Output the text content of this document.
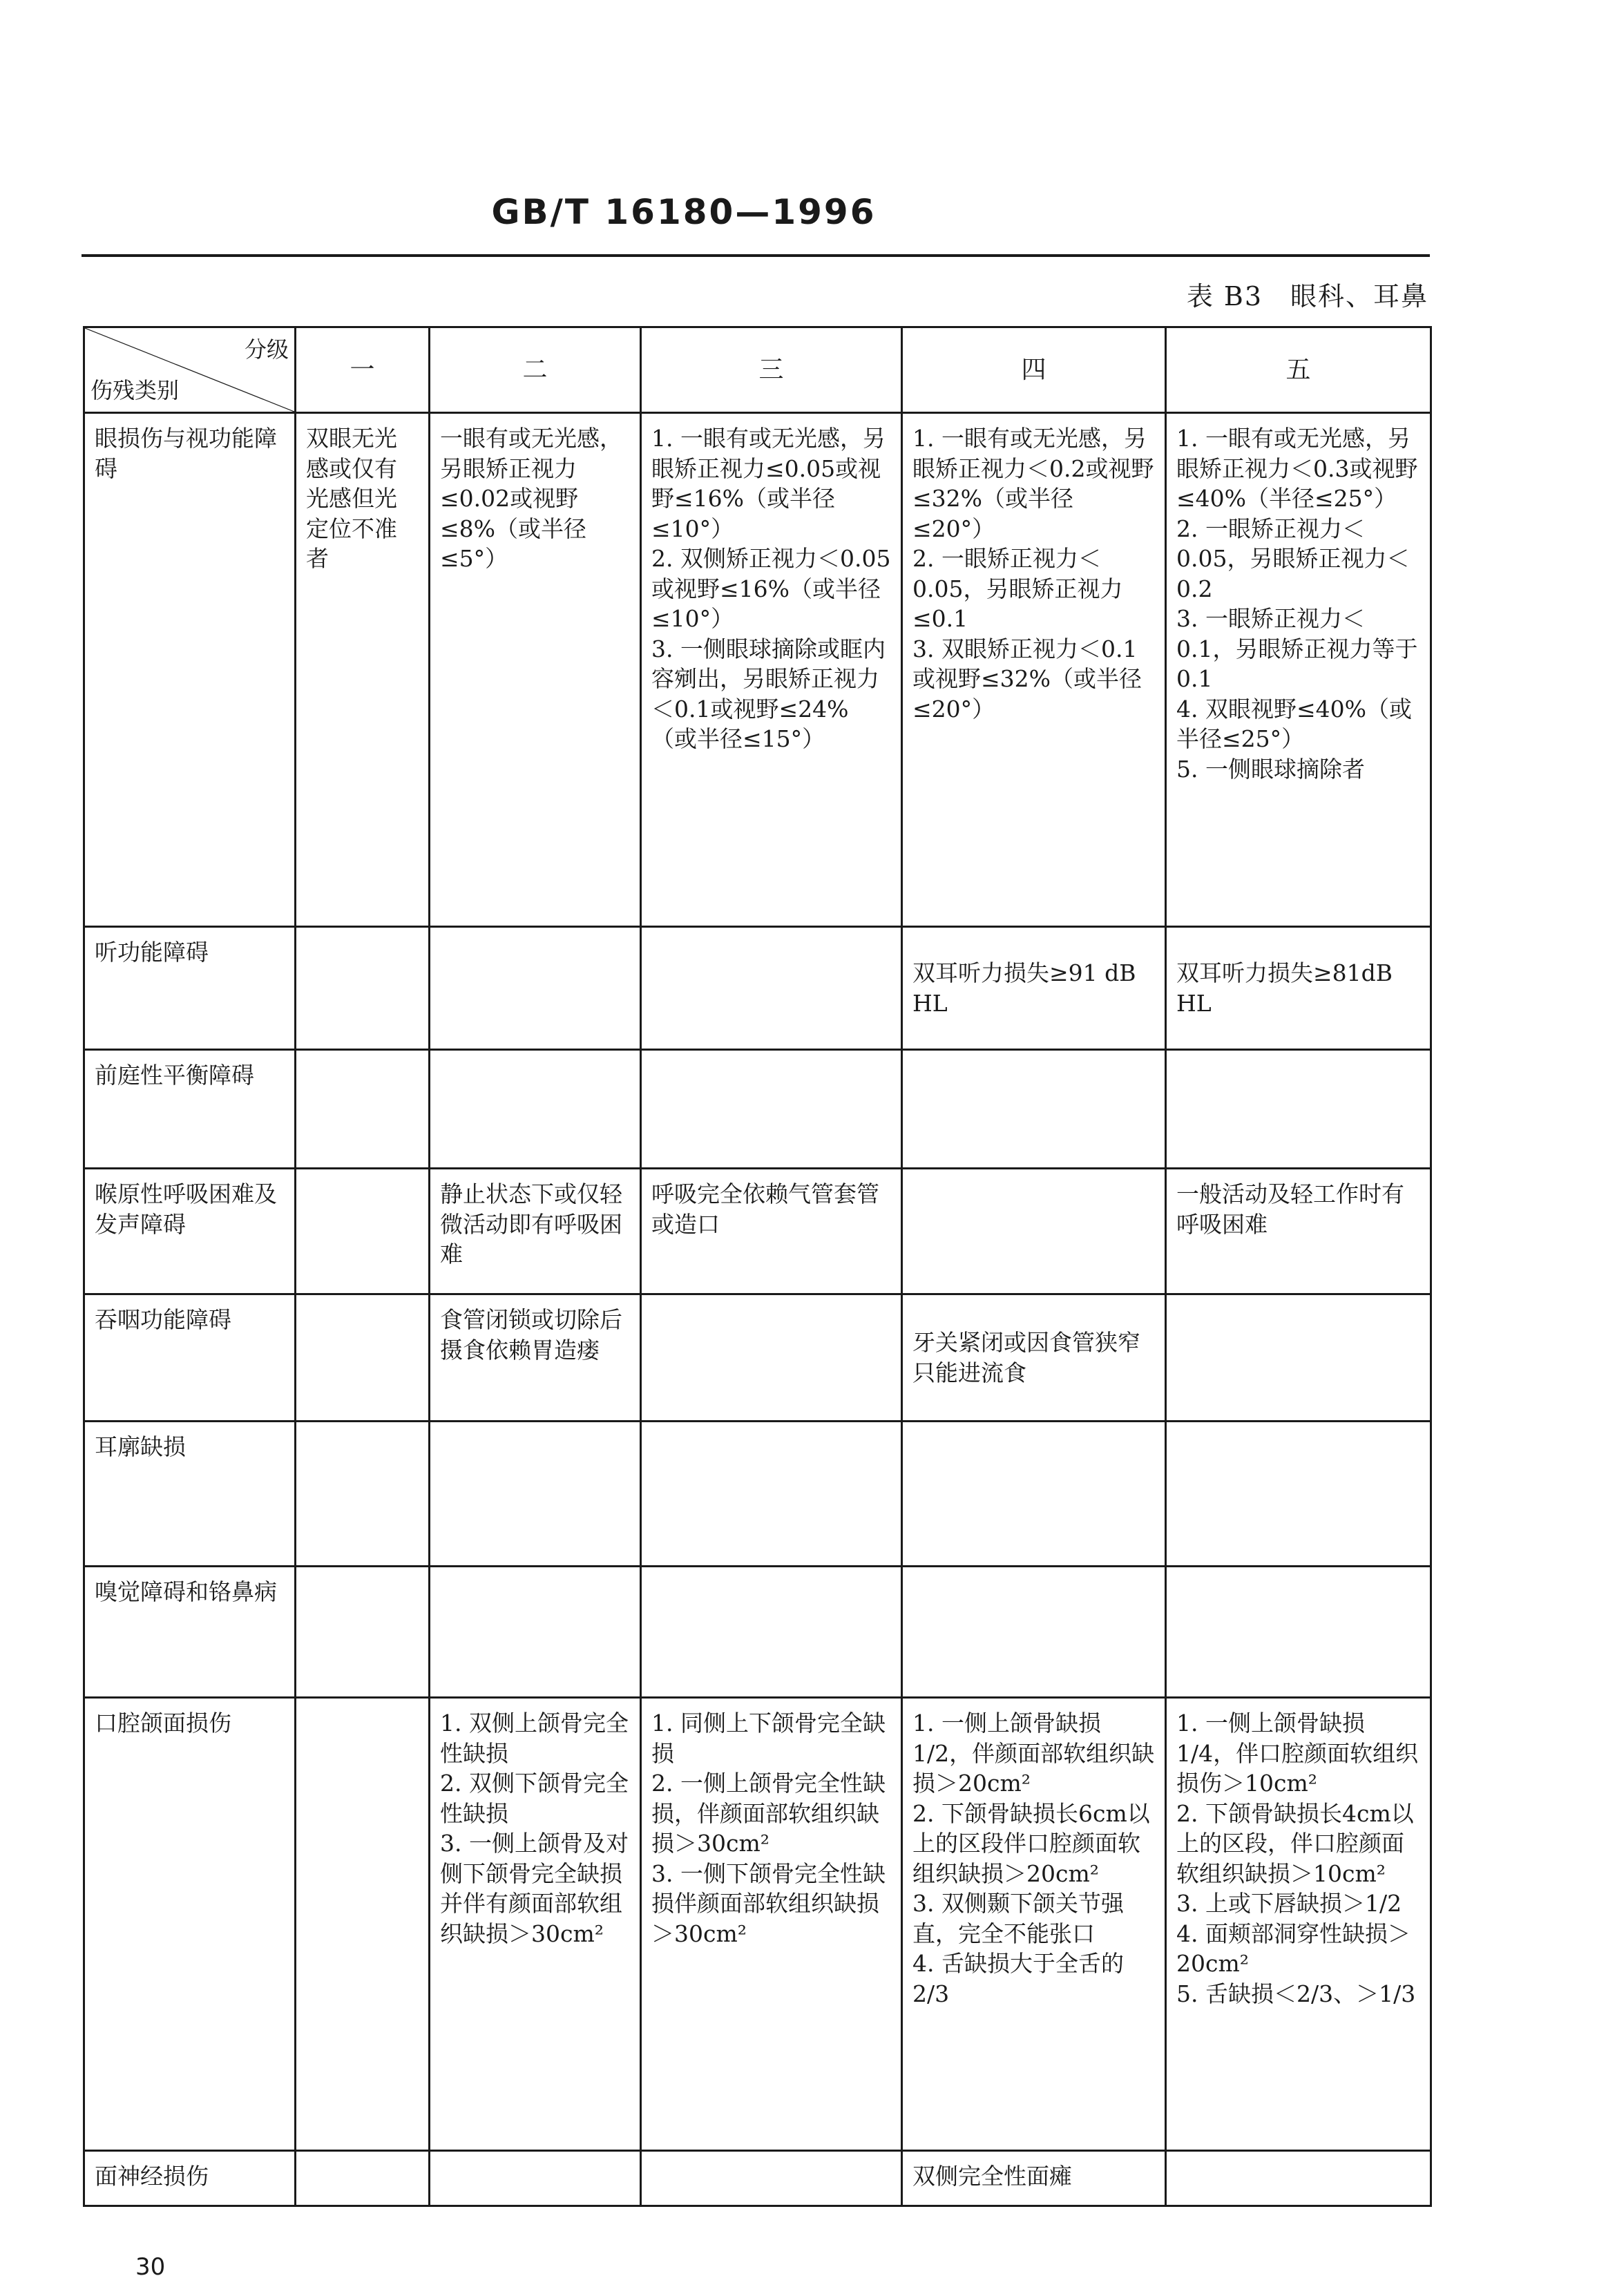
GB/T 16180—1996
表 B3　眼科、耳鼻
分级
伤残类别	一	二	三	四	五
眼损伤与视功能障碍	双眼无光感或仅有光感但光定位不准者	一眼有或无光感，另眼矫正视力≤0.02或视野≤8%（或半径≤5°）	1. 一眼有或无光感，另眼矫正视力≤0.05或视野≤16%（或半径≤10°）
2. 双侧矫正视力＜0.05或视野≤16%（或半径≤10°）
3. 一侧眼球摘除或眶内容剜出，另眼矫正视力＜0.1或视野≤24%（或半径≤15°）	1. 一眼有或无光感，另眼矫正视力＜0.2或视野≤32%（或半径≤20°）
2. 一眼矫正视力＜0.05，另眼矫正视力≤0.1
3. 双眼矫正视力＜0.1或视野≤32%（或半径≤20°）	1. 一眼有或无光感，另眼矫正视力＜0.3或视野≤40%（半径≤25°）
2. 一眼矫正视力＜0.05，另眼矫正视力＜0.2
3. 一眼矫正视力＜0.1，另眼矫正视力等于0.1
4. 双眼视野≤40%（或半径≤25°）
5. 一侧眼球摘除者

听功能障碍				双耳听力损失≥91 dB HL	双耳听力损失≥81dB HL

前庭性平衡障碍	

喉原性呼吸困难及发声障碍		静止状态下或仅轻微活动即有呼吸困难	呼吸完全依赖气管套管或造口		一般活动及轻工作时有呼吸困难

吞咽功能障碍		食管闭锁或切除后摄食依赖胃造瘘		牙关紧闭或因食管狭窄只能进流食	

耳廓缺损	

嗅觉障碍和铬鼻病	

口腔颌面损伤		1. 双侧上颌骨完全性缺损
2. 双侧下颌骨完全性缺损
3. 一侧上颌骨及对侧下颌骨完全缺损并伴有颜面部软组织缺损＞30cm²	1. 同侧上下颌骨完全缺损
2. 一侧上颌骨完全性缺损，伴颜面部软组织缺损＞30cm²
3. 一侧下颌骨完全性缺损伴颜面部软组织缺损＞30cm²	1. 一侧上颌骨缺损1/2，伴颜面部软组织缺损＞20cm²
2. 下颌骨缺损长6cm以上的区段伴口腔颜面软组织缺损＞20cm²
3. 双侧颞下颌关节强直，完全不能张口
4. 舌缺损大于全舌的2/3	1. 一侧上颌骨缺损1/4，伴口腔颜面软组织损伤＞10cm²
2. 下颌骨缺损长4cm以上的区段，伴口腔颜面软组织缺损＞10cm²
3. 上或下唇缺损＞1/2
4. 面颊部洞穿性缺损＞20cm²
5. 舌缺损＜2/3、＞1/3

面神经损伤				双侧完全性面瘫	

30
